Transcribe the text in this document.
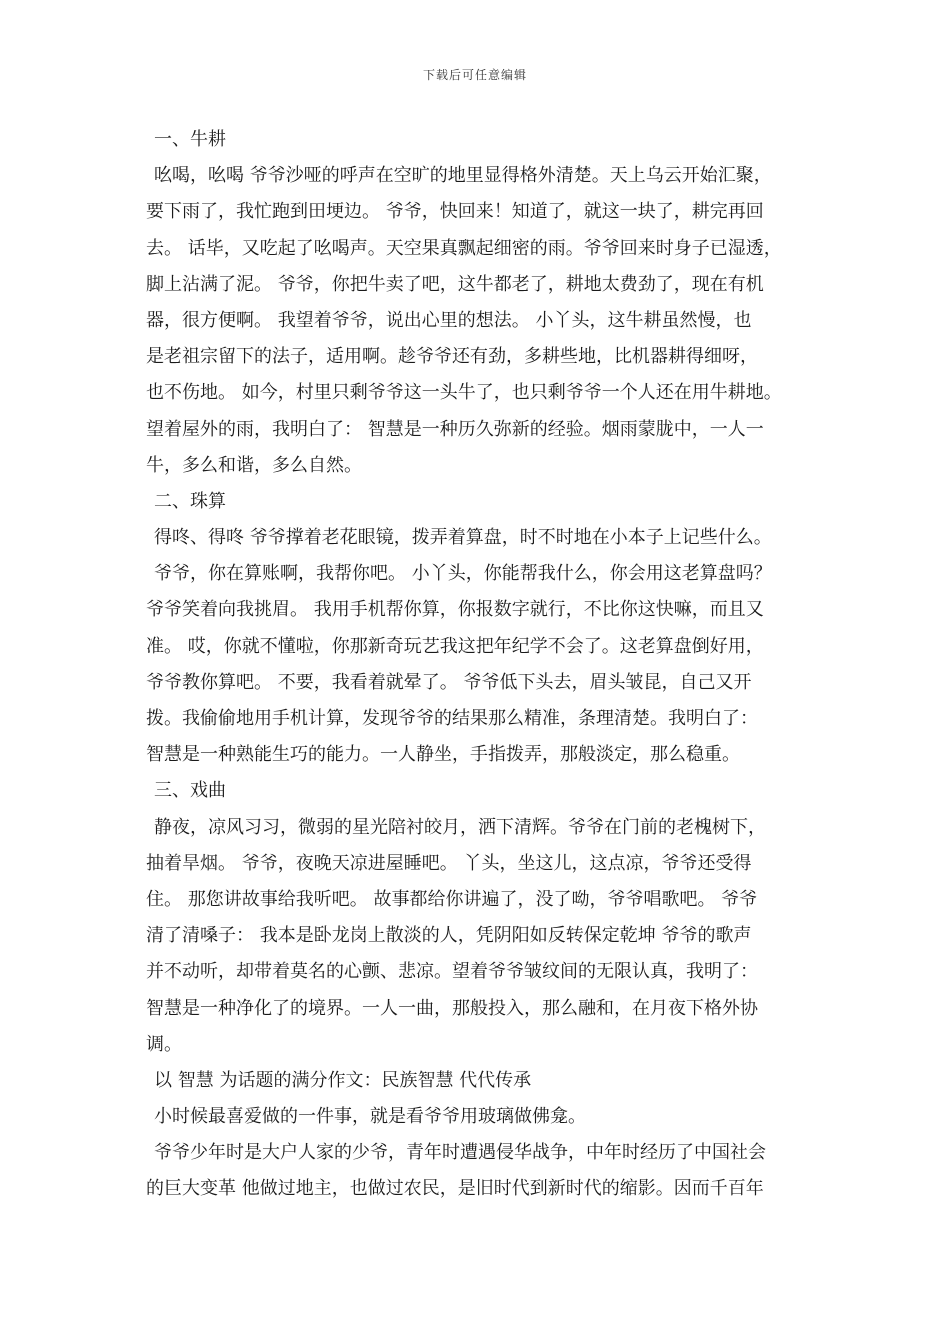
下载后可任意编辑
一、牛耕
吆喝，吆喝 爷爷沙哑的呼声在空旷的地里显得格外清楚。天上乌云开始汇聚，
要下雨了，我忙跑到田埂边。 爷爷，快回来！知道了，就这一块了，耕完再回
去。 话毕，又吃起了吆喝声。天空果真飘起细密的雨。爷爷回来时身子已湿透，
脚上沾满了泥。 爷爷，你把牛卖了吧，这牛都老了，耕地太费劲了，现在有机
器，很方便啊。 我望着爷爷，说出心里的想法。 小丫头，这牛耕虽然慢，也
是老祖宗留下的法子，适用啊。趁爷爷还有劲，多耕些地，比机器耕得细呀，
也不伤地。 如今，村里只剩爷爷这一头牛了，也只剩爷爷一个人还在用牛耕地。
望着屋外的雨，我明白了： 智慧是一种历久弥新的经验。烟雨蒙胧中，一人一
牛，多么和谐，多么自然。
二、珠算
得咚、得咚 爷爷撑着老花眼镜，拨弄着算盘，时不时地在小本子上记些什么。
爷爷，你在算账啊，我帮你吧。 小丫头，你能帮我什么，你会用这老算盘吗？
爷爷笑着向我挑眉。 我用手机帮你算，你报数字就行，不比你这快嘛，而且又
准。 哎，你就不懂啦，你那新奇玩艺我这把年纪学不会了。这老算盘倒好用，
爷爷教你算吧。 不要，我看着就晕了。 爷爷低下头去，眉头皱昆，自己又开
拨。我偷偷地用手机计算，发现爷爷的结果那么精准，条理清楚。我明白了：
智慧是一种熟能生巧的能力。一人静坐，手指拨弄，那般淡定，那么稳重。
三、戏曲
静夜，凉风习习，微弱的星光陪衬皎月，洒下清辉。爷爷在门前的老槐树下，
抽着旱烟。 爷爷，夜晚天凉进屋睡吧。 丫头，坐这儿，这点凉，爷爷还受得
住。 那您讲故事给我听吧。 故事都给你讲遍了，没了呦，爷爷唱歌吧。 爷爷
清了清嗓子： 我本是卧龙岗上散淡的人，凭阴阳如反转保定乾坤 爷爷的歌声
并不动听，却带着莫名的心颤、悲凉。望着爷爷皱纹间的无限认真，我明了：
智慧是一种净化了的境界。一人一曲，那般投入，那么融和，在月夜下格外协
调。
以 智慧 为话题的满分作文：民族智慧 代代传承
小时候最喜爱做的一件事，就是看爷爷用玻璃做佛龛。
爷爷少年时是大户人家的少爷，青年时遭遇侵华战争，中年时经历了中国社会
的巨大变革 他做过地主，也做过农民，是旧时代到新时代的缩影。因而千百年
